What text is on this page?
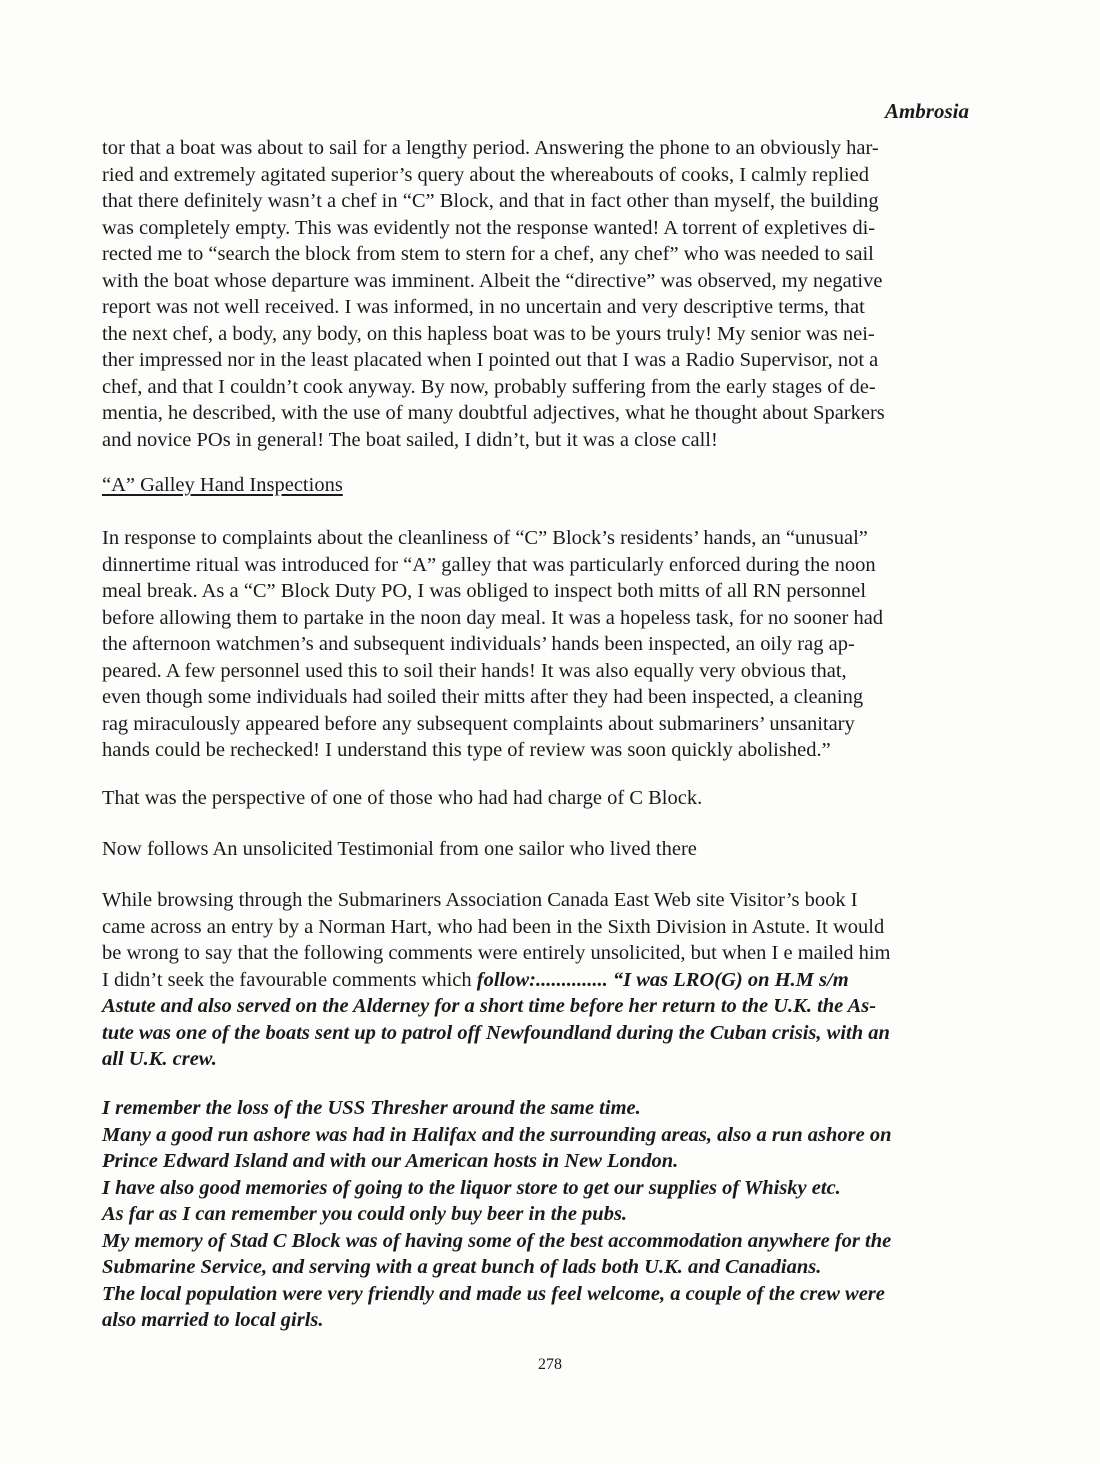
Ambrosia

tor that a boat was about to sail for a lengthy period. Answering the phone to an obviously har-
ried and extremely agitated superior’s query about the whereabouts of cooks, I calmly replied
that there definitely wasn’t a chef in “C” Block, and that in fact other than myself, the building
was completely empty. This was evidently not the response wanted! A torrent of expletives di-
rected me to “search the block from stem to stern for a chef, any chef” who was needed to sail
with the boat whose departure was imminent. Albeit the “directive” was observed, my negative
report was not well received. I was informed, in no uncertain and very descriptive terms, that
the next chef, a body, any body, on this hapless boat was to be yours truly! My senior was nei-
ther impressed nor in the least placated when I pointed out that I was a Radio Supervisor, not a
chef, and that I couldn’t cook anyway. By now, probably suffering from the early stages of de-
mentia, he described, with the use of many doubtful adjectives, what he thought about Sparkers
and novice POs in general! The boat sailed, I didn’t, but it was a close call!

“A” Galley Hand Inspections

In response to complaints about the cleanliness of “C” Block’s residents’ hands, an “unusual”
dinnertime ritual was introduced for “A” galley that was particularly enforced during the noon
meal break. As a “C” Block Duty PO, I was obliged to inspect both mitts of all RN personnel
before allowing them to partake in the noon day meal. It was a hopeless task, for no sooner had
the afternoon watchmen’s and subsequent individuals’ hands been inspected, an oily rag ap-
peared. A few personnel used this to soil their hands! It was also equally very obvious that,
even though some individuals had soiled their mitts after they had been inspected, a cleaning
rag miraculously appeared before any subsequent complaints about submariners’ unsanitary
hands could be rechecked! I understand this type of review was soon quickly abolished.”

That was the perspective of one of those who had had charge of C Block.

Now follows An unsolicited Testimonial from one sailor who lived there

While browsing through the Submariners Association Canada East Web site Visitor’s book I
came across an entry by a Norman Hart, who had been in the Sixth Division in Astute. It would
be wrong to say that the following comments were entirely unsolicited, but when I e mailed him
I didn’t seek the favourable comments which follow:.............. “I was LRO(G) on H.M s/m
Astute and also served on the Alderney for a short time before her return to the U.K. the As-
tute was one of the boats sent up to patrol off Newfoundland during the Cuban crisis, with an
all U.K. crew.

I remember the loss of the USS Thresher around the same time.
Many a good run ashore was had in Halifax and the surrounding areas, also a run ashore on
Prince Edward Island and with our American hosts in New London.
I have also good memories of going to the liquor store to get our supplies of Whisky etc.
As far as I can remember you could only buy beer in the pubs.
My memory of Stad C Block was of having some of the best accommodation anywhere for the
Submarine Service, and serving with a great bunch of lads both U.K. and Canadians.
The local population were very friendly and made us feel welcome, a couple of the crew were
also married to local girls.

278
